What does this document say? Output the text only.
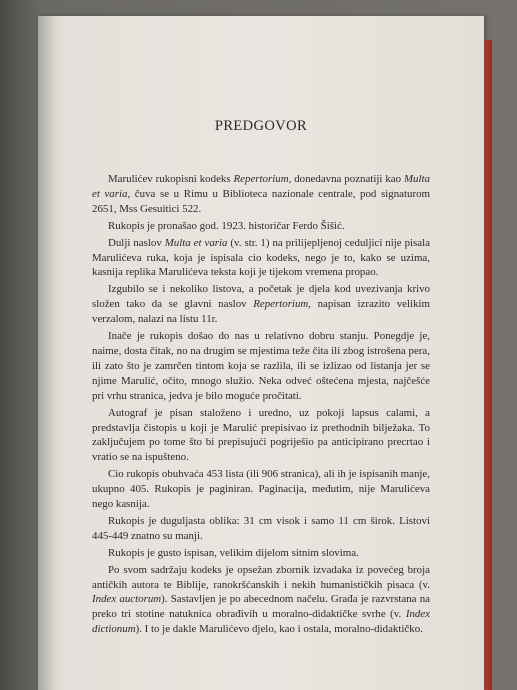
PREDGOVOR

Marulićev rukopisni kodeks Repertorium, donedavna poznatiji kao Multa et varia, čuva se u Rimu u Biblioteca nazionale centrale, pod signaturom 2651, Mss Gesuitici 522.

Rukopis je pronašao god. 1923. historičar Ferdo Šišić.

Dulji naslov Multa et varia (v. str. 1) na prilijepljenoj ceduljici nije pisala Marulićeva ruka, koja je ispisala cio kodeks, nego je to, kako se uzima, kasnija replika Marulićeva teksta koji je tijekom vremena propao.

Izgubilo se i nekoliko listova, a početak je djela kod uvezivanja krivo složen tako da se glavni naslov Repertorium, napisan izrazito velikim verzalom, nalazi na listu 11r.

Inače je rukopis došao do nas u relativno dobru stanju. Ponegdje je, naime, dosta čitak, no na drugim se mjestima teže čita ili zbog istrošena pera, ili zato što je zamrčen tintom koja se razlila, ili se izlizao od listanja jer se njime Marulić, očito, mnogo služio. Neka odveć oštećena mjesta, najčešće pri vrhu stranica, jedva je bilo moguće pročitati.

Autograf je pisan staloženo i uredno, uz pokoji lapsus calami, a predstavlja čistopis u koji je Marulić prepisivao iz prethodnih bilježaka. To zaključujem po tome što bi prepisujući pogriješio pa anticipirano precrtao i vratio se na ispušteno.

Cio rukopis obuhvaća 453 lista (ili 906 stranica), ali ih je ispisanih manje, ukupno 405. Rukopis je paginiran. Paginacija, međutim, nije Marulićeva nego kasnija.

Rukopis je duguljasta oblika: 31 cm visok i samo 11 cm širok. Listovi 445-449 znatno su manji.

Rukopis je gusto ispisan, velikim dijelom sitnim slovima.

Po svom sadržaju kodeks je opsežan zbornik izvadaka iz povećeg broja antičkih autora te Biblije, ranokršćanskih i nekih humanističkih pisaca (v. Index auctorum). Sastavljen je po abecednom načelu. Građa je razvrstana na preko tri stotine natuknica obrađivih u moralno-didaktičke svrhe (v. Index dictionum). I to je dakle Marulićevo djelo, kao i ostala, moralno-didaktičko.
